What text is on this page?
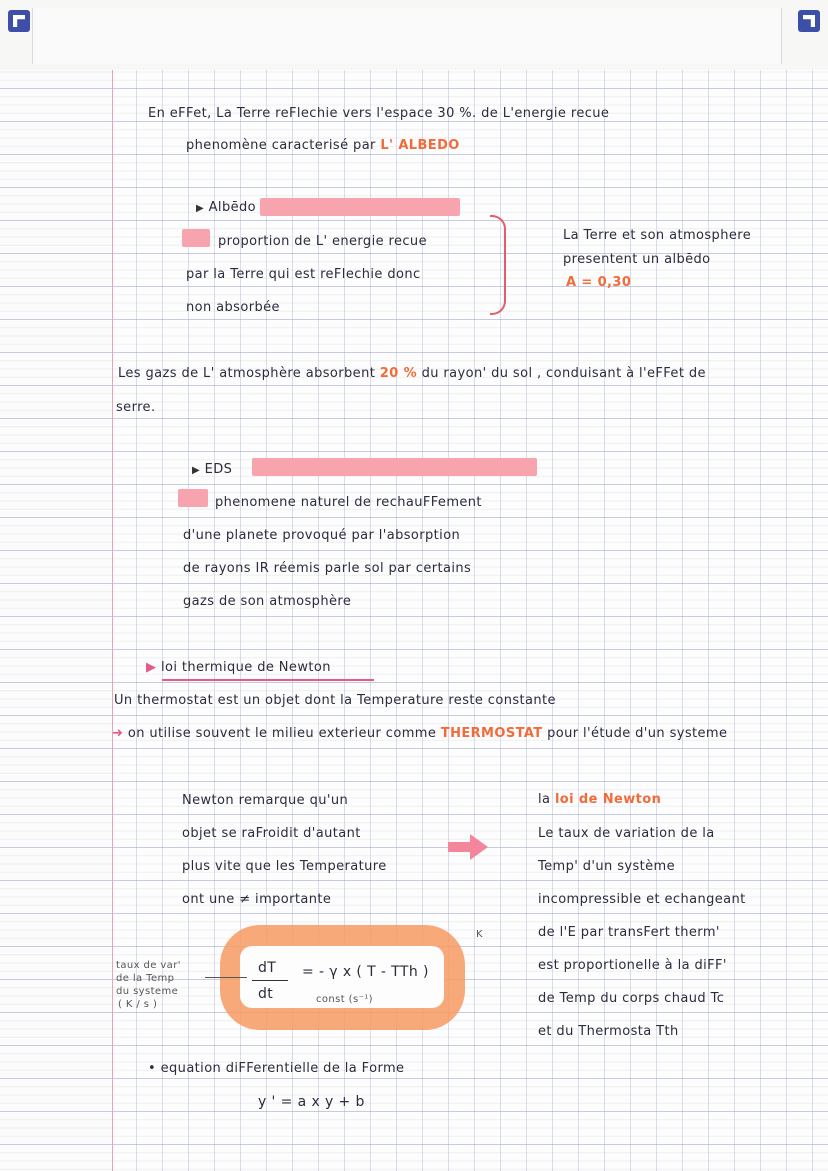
En eFFet, La Terre reFlechie vers l'espace 30 %. de L'energie recue
phenomène caracterisé par L' ALBEDO
▶ Albēdo
proportion de L' energie recue
par la Terre qui est reFlechie donc
non absorbée
La Terre et son atmosphere
presentent un albēdo
A = 0,30
Les gazs de L' atmosphère absorbent 20 % du rayon' du sol , conduisant à l'eFFet de
serre.
▶ EDS
phenomene naturel de rechauFFement
d'une planete provoqué par l'absorption
de rayons IR réemis parle sol par certains
gazs de son atmosphère
▶ loi thermique de Newton
Un thermostat est un objet dont la Temperature reste constante
➜ on utilise souvent le milieu exterieur comme THERMOSTAT pour l'étude d'un systeme
Newton remarque qu'un
objet se raFroidit d'autant
plus vite que les Temperature
ont une ≠ importante
la loi de Newton
Le taux de variation de la
Temp' d'un système
incompressible et echangeant
de l'E par transFert therm'
est proportionelle à la diFF'
de Temp du corps chaud Tc
et du Thermosta Tth
dT
dt
= - γ x ( T - TTh )
K
const (s⁻¹)
taux de var'
de la Temp
du systeme
( K / s )
• equation diFFerentielle de la Forme
y ' = a x y + b
